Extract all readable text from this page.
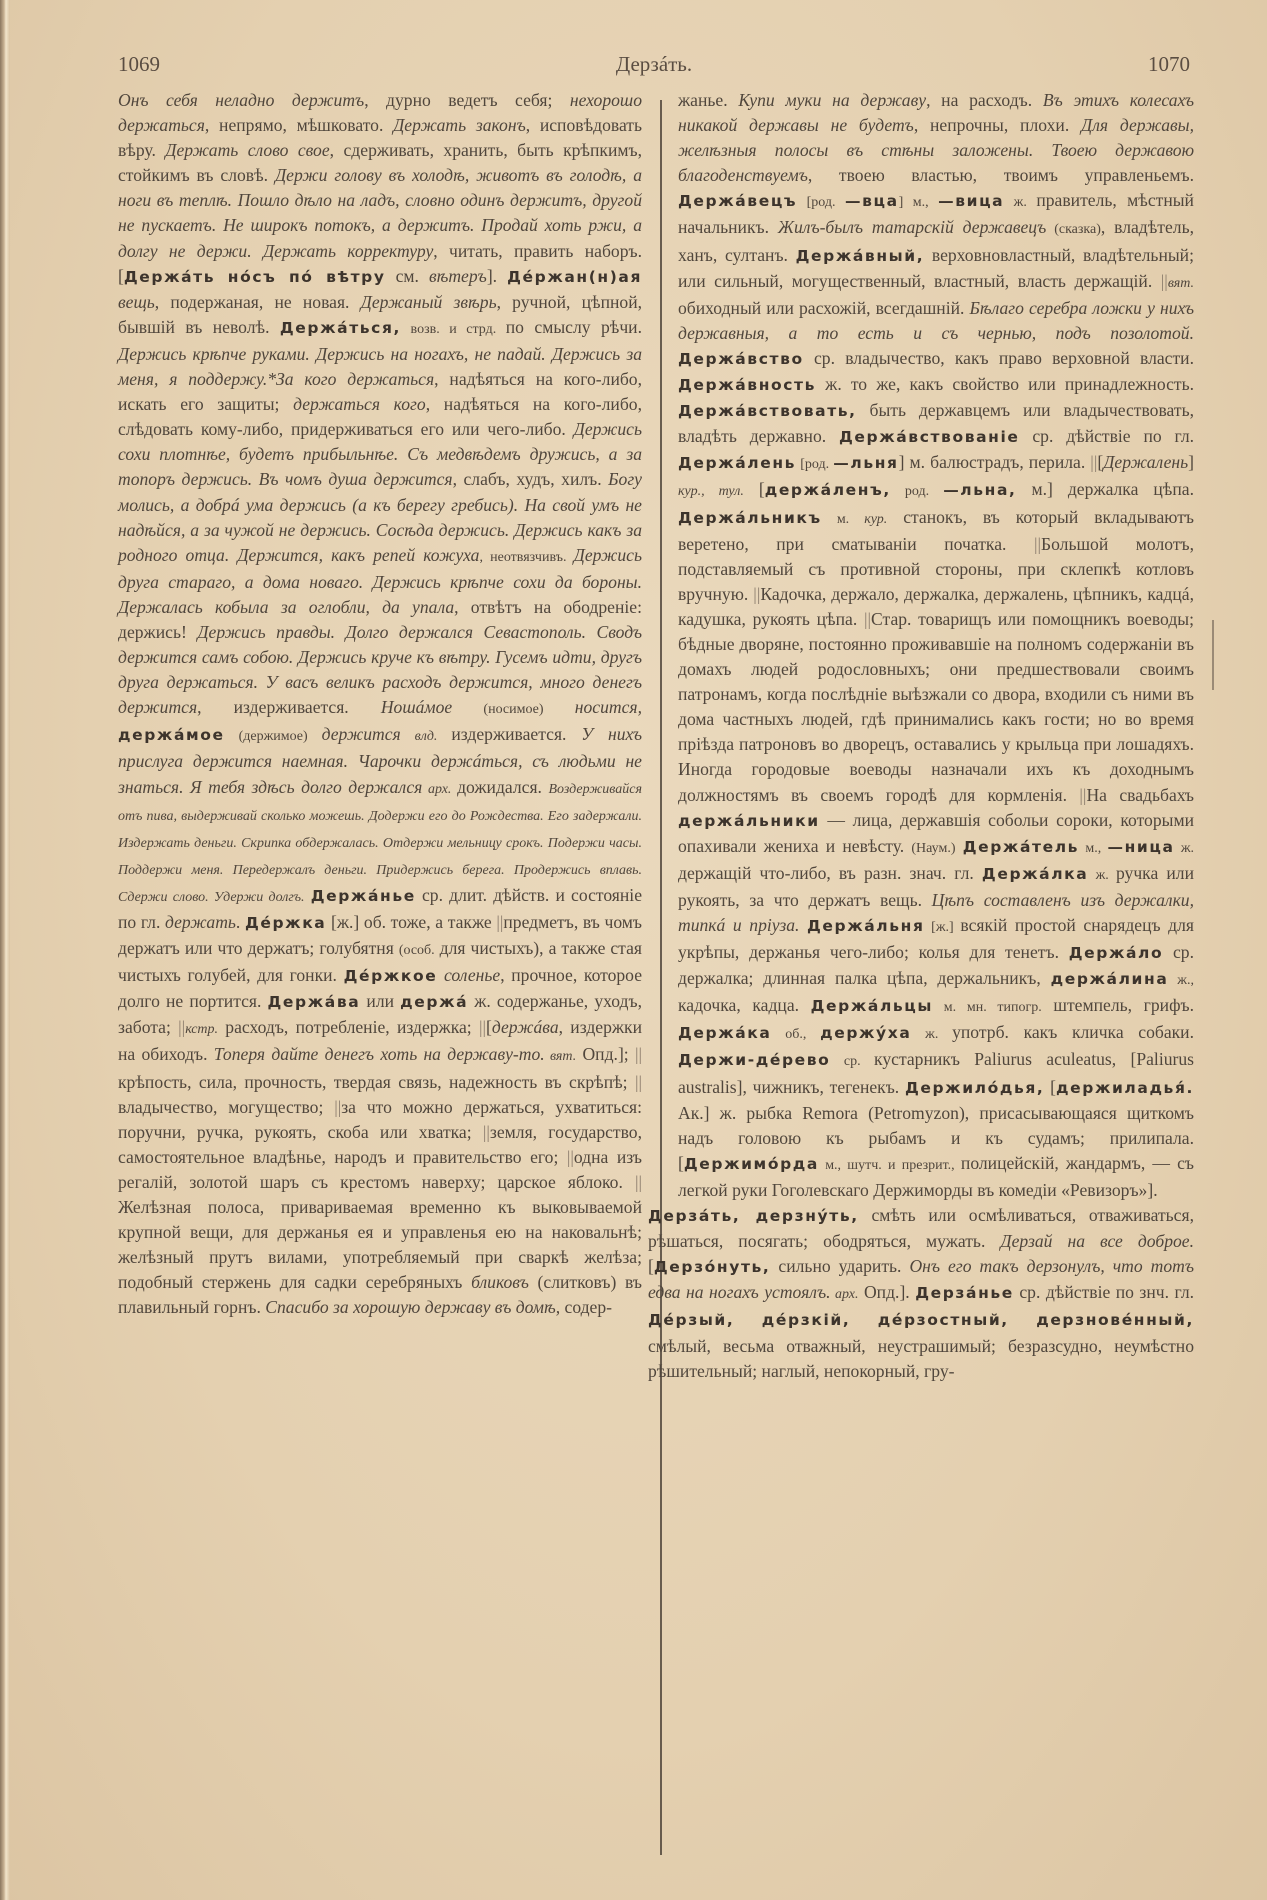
1069	Дерзáть.	1070

Онъ себя неладно держитъ, дурно ведетъ себя; нехорошо держаться, непрямо, мѣшковато. Держать законъ, исповѣдовать вѣру. Держать слово свое, сдерживать, хранить, быть крѣпкимъ, стойкимъ въ словѣ. Держи голову въ холодѣ, животъ въ голодѣ, а ноги въ теплѣ. Пошло дѣло на ладъ, словно одинъ держитъ, другой не пускаетъ. Не широкъ потокъ, а держитъ. Продай хоть ржи, а долгу не держи. Держать корректуру, читать, править наборъ. [Держáть нóсъ пó вѣтру см. вѣтеръ]. Дéржан(н)ая вещь, подержаная, не новая. Держаный звѣрь, ручной, цѣпной, бывшій въ неволѣ. Держáться, возв. и стрд. по смыслу рѣчи. Держись крѣпче руками. Держись на ногахъ, не падай. Держись за меня, я поддержу.*За кого держаться, надѣяться на кого-либо, искать его защиты; держаться кого, надѣяться на кого-либо, слѣдовать кому-либо, придерживаться его или чего-либо. Держись сохи плотнѣе, будетъ прибыльнѣе. Съ медвѣдемъ дружись, а за топоръ держись. Въ чомъ душа держится, слабъ, худъ, хилъ. Богу молись, а добрá ума держись (а къ берегу гребись). На свой умъ не надѣйся, а за чужой не держись. Сосѣда держись. Держись какъ за родного отца. Держится, какъ репей кожуха, неотвязчивъ. Держись друга стараго, а дома новаго. Держись крѣпче сохи да бороны. Держалась кобыла за оглобли, да упала, отвѣтъ на ободреніе: держись! Держись правды. Долго держался Севастополь. Сводъ держится самъ собою. Держись круче къ вѣтру. Гусемъ идти, другъ друга держаться. У васъ великъ расходъ держится, много денегъ держится, издерживается. Ношáмое (носимое) носится, держáмое (держимое) держится влд. издерживается. У нихъ прислуга держится наемная. Чарочки держáться, съ людьми не знаться. Я тебя здѣсь долго держался арх. дожидался. Воздерживайся отъ пива, выдерживай сколько можешь. Додержи его до Рождества. Его задержали. Издержать деньги. Скрипка обдержалась. Отдержи мельницу срокъ. Подержи часы. Поддержи меня. Передержалъ деньги. Придержись берега. Продержись вплавь. Сдержи слово. Удержи долгъ. Держáнье ср. длит. дѣйств. и состояніе по гл. держать. Дéржка [ж.] об. тоже, а также ||предметъ, въ чомъ держатъ или что держатъ; голубятня (особ. для чистыхъ), а также стая чистыхъ голубей, для гонки. Дéржкое соленье, прочное, которое долго не портится. Держáва или держá ж. содержанье, уходъ, забота; ||кстр. расходъ, потребленіе, издержка; ||[держáва, издержки на обиходъ. Топеря дайте денегъ хоть на державу-то. вят. Опд.]; ||крѣпость, сила, прочность, твердая связь, надежность въ скрѣпѣ; ||владычество, могущество; ||за что можно держаться, ухватиться: поручни, ручка, рукоять, скоба или хватка; ||земля, государство, самостоятельное владѣнье, народъ и правительство его; ||одна изъ регалій, золотой шаръ съ крестомъ наверху; царское яблоко. ||Желѣзная полоса, привариваемая временно къ выковываемой крупной вещи, для держанья ея и управленья ею на наковальнѣ; желѣзный прутъ вилами, употребляемый при сваркѣ желѣза; подобный стержень для садки серебряныхъ бликовъ (слитковъ) въ плавильный горнъ. Спасибо за хорошую державу въ домѣ, содер-

жанье. Купи муки на державу, на расходъ. Въ этихъ колесахъ никакой державы не будетъ, непрочны, плохи. Для державы, желѣзныя полосы въ стѣны заложены. Твоею державою благоденствуемъ, твоею властью, твоимъ управленьемъ. Держáвецъ [род. —вца] м., —вица ж. правитель, мѣстный начальникъ. Жилъ-былъ татарскій державецъ (сказка), владѣтель, ханъ, султанъ. Держáвный, верховновластный, владѣтельный; или сильный, могущественный, властный, власть держащій. ||вят. обиходный или расхожій, всегдашній. Бѣлаго серебра ложки у нихъ державныя, а то есть и съ чернью, подъ позолотой. Держáвство ср. владычество, какъ право верховной власти. Держáвность ж. то же, какъ свойство или принадлежность. Держáвствовать, быть державцемъ или владычествовать, владѣть державно. Держáвствованіе ср. дѣйствіе по гл. Держáлень [род. —льня] м. балюстрадъ, перила. ||[Держалень] кур., тул. [держáленъ, род. —льна, м.] держалка цѣпа. Держáльникъ м. кур. станокъ, въ который вкладываютъ веретено, при сматываніи початка. ||Большой молотъ, подставляемый съ противной стороны, при склепкѣ котловъ вручную. ||Кадочка, держало, держалка, держалень, цѣпникъ, кадцá, кадушка, рукоять цѣпа. ||Стар. товарищъ или помощникъ воеводы; бѣдные дворяне, постоянно проживавшіе на полномъ содержаніи въ домахъ людей родословныхъ; они предшествовали своимъ патронамъ, когда послѣдніе выѣзжали со двора, входили съ ними въ дома частныхъ людей, гдѣ принимались какъ гости; но во время пріѣзда патроновъ во дворецъ, оставались у крыльца при лошадяхъ. Иногда городовые воеводы назначали ихъ къ доходнымъ должностямъ въ своемъ городѣ для кормленія. ||На свадьбахъ держáльники — лица, державшія собольи сороки, которыми опахивали жениха и невѣсту. (Наум.) Держáтель м., —ница ж. держащій что-либо, въ разн. знач. гл. Держáлка ж. ручка или рукоять, за что держатъ вещь. Цѣпъ составленъ изъ держалки, типкá и пріуза. Держáльня [ж.] всякій простой снарядецъ для укрѣпы, держанья чего-либо; колья для тенетъ. Держáло ср. держалка; длинная палка цѣпа, держальникъ, держáлина ж., кадочка, кадца. Держáльцы м. мн. типогр. штемпель, грифъ. Держáка об., держýха ж. употрб. какъ кличка собаки. Держи-дéрево ср. кустарникъ Paliurus aculeatus, [Paliurus australis], чижникъ, тегенекъ. Держилóдья, [держиладья́. Ак.] ж. рыбка Remora (Petromyzon), присасывающаяся щиткомъ надъ головою къ рыбамъ и къ судамъ; прилипала. [Держимóрда м., шутч. и презрит., полицейскій, жандармъ, — съ легкой руки Гоголевскаго Держиморды въ комедіи «Ревизоръ»].

Дерзáть, дерзнýть, смѣть или осмѣливаться, отваживаться, рѣшаться, посягать; ободряться, мужать. Дерзай на все доброе. [Дерзóнуть, сильно ударить. Онъ его такъ дерзонулъ, что тотъ едва на ногахъ устоялъ. арх. Опд.]. Дерзáнье ср. дѣйствіе по знч. гл. Дéрзый, дéрзкій, дéрзостный, дерзновéнный, смѣлый, весьма отважный, неустрашимый; безразсудно, неумѣстно рѣшительный; наглый, непокорный, гру-
